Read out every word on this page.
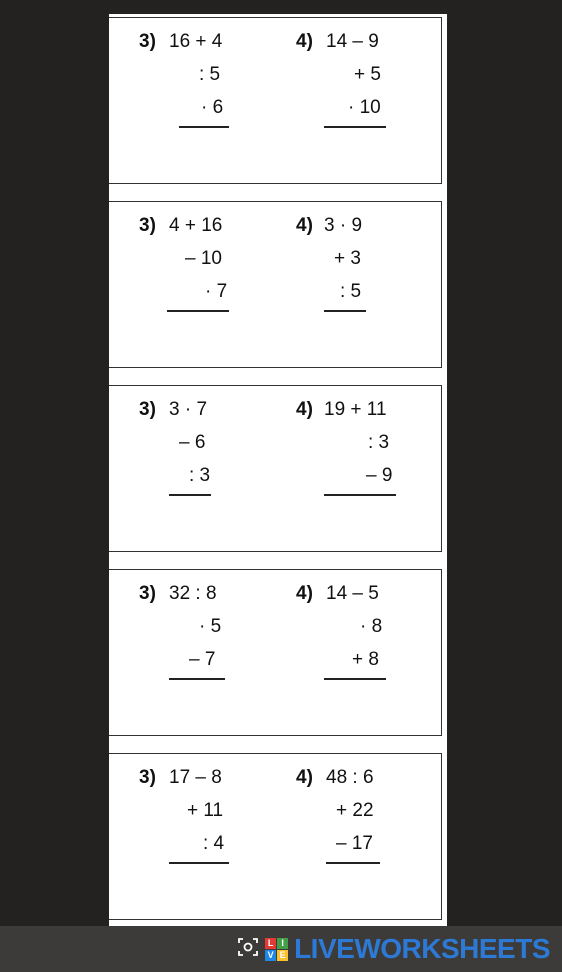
3) 16 + 4
: 5
· 6
4) 14 – 9
+ 5
· 10
3) 4 + 16
– 10
· 7
4) 3 · 9
+ 3
: 5
3) 3 · 7
– 6
: 3
4) 19 + 11
: 3
– 9
3) 32 : 8
· 5
– 7
4) 14 – 5
· 8
+ 8
3) 17 – 8
+ 11
: 4
4) 48 : 6
+ 22
– 17
L I
V E LIVEWORKSHEETS
